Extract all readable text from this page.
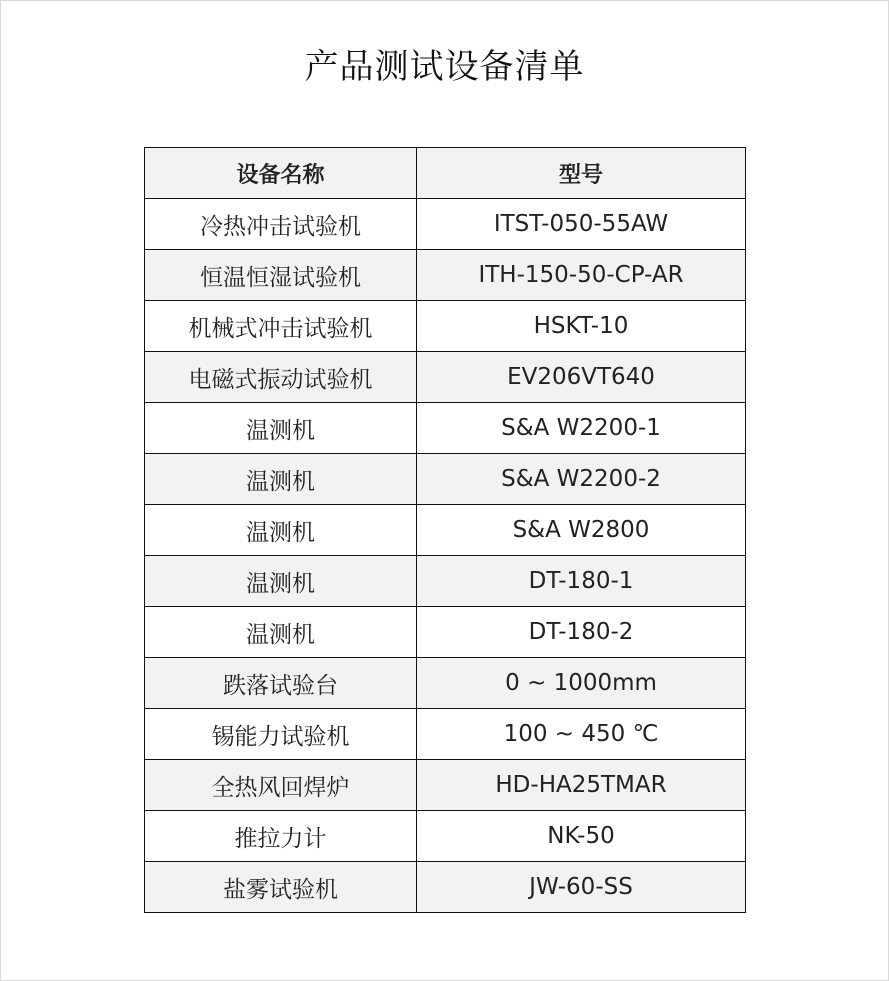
产品测试设备清单
设备名称	型号
冷热冲击试验机	ITST-050-55AW
恒温恒湿试验机	ITH-150-50-CP-AR
机械式冲击试验机	HSKT-10
电磁式振动试验机	EV206VT640
温测机	S&A W2200-1
温测机	S&A W2200-2
温测机	S&A W2800
温测机	DT-180-1
温测机	DT-180-2
跌落试验台	0 ~ 1000mm
锡能力试验机	100 ~ 450 ℃
全热风回焊炉	HD-HA25TMAR
推拉力计	NK-50
盐雾试验机	JW-60-SS
